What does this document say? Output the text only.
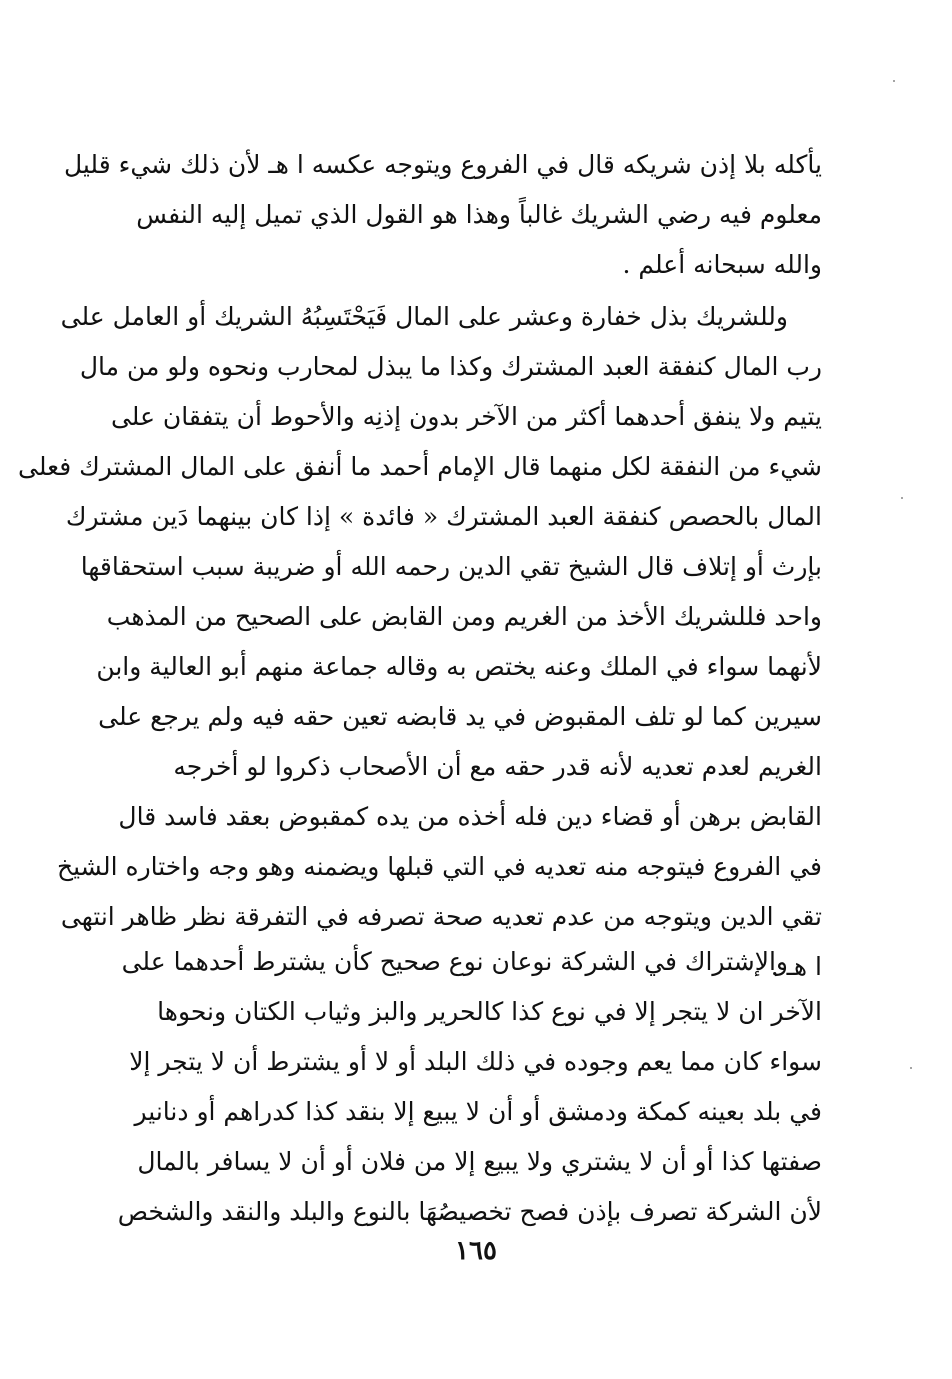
يأكله بلا إذن شريكه قال في الفروع ويتوجه عكسه ا هـ لأن ذلك شيء قليل
معلوم فيه رضي الشريك غالباً وهذا هو القول الذي تميل إليه النفس
والله سبحانه أعلم .
وللشريك بذل خفارة وعشر على المال فَيَحْتَسِبُهُ الشريك أو العامل على
رب المال كنفقة العبد المشترك وكذا ما يبذل لمحارب ونحوه ولو من مال
يتيم ولا ينفق أحدهما أكثر من الآخر بدون إذنِه والأحوط أن يتفقان على
شيء من النفقة لكل منهما قال الإمام أحمد ما أنفق على المال المشترك فعلى
المال بالحصص كنفقة العبد المشترك « فائدة » إذا كان بينهما دَين مشترك
بإرث أو إتلاف قال الشيخ تقي الدين رحمه الله أو ضريبة سبب استحقاقها
واحد فللشريك الأخذ من الغريم ومن القابض على الصحيح من المذهب
لأنهما سواء في الملك وعنه يختص به وقاله جماعة منهم أبو العالية وابن
سيرين كما لو تلف المقبوض في يد قابضه تعين حقه فيه ولم يرجع على
الغريم لعدم تعديه لأنه قدر حقه مع أن الأصحاب ذكروا لو أخرجه
القابض برهن أو قضاء دين فله أخذه من يده كمقبوض بعقد فاسد قال
في الفروع فيتوجه منه تعديه في التي قبلها ويضمنه وهو وجه واختاره الشيخ
تقي الدين ويتوجه من عدم تعديه صحة تصرفه في التفرقة نظر ظاهر انتهى
ا هـ .
والإشتراك في الشركة نوعان نوع صحيح كأن يشترط أحدهما على
الآخر ان لا يتجر إلا في نوع كذا كالحرير والبز وثياب الكتان ونحوها
سواء كان مما يعم وجوده في ذلك البلد أو لا أو يشترط أن لا يتجر إلا
في بلد بعينه كمكة ودمشق أو أن لا يبيع إلا بنقد كذا كدراهم أو دنانير
صفتها كذا أو أن لا يشتري ولا يبيع إلا من فلان أو أن لا يسافر بالمال
لأن الشركة تصرف بإذن فصح تخصيصُهَا بالنوع والبلد والنقد والشخص
١٦٥
